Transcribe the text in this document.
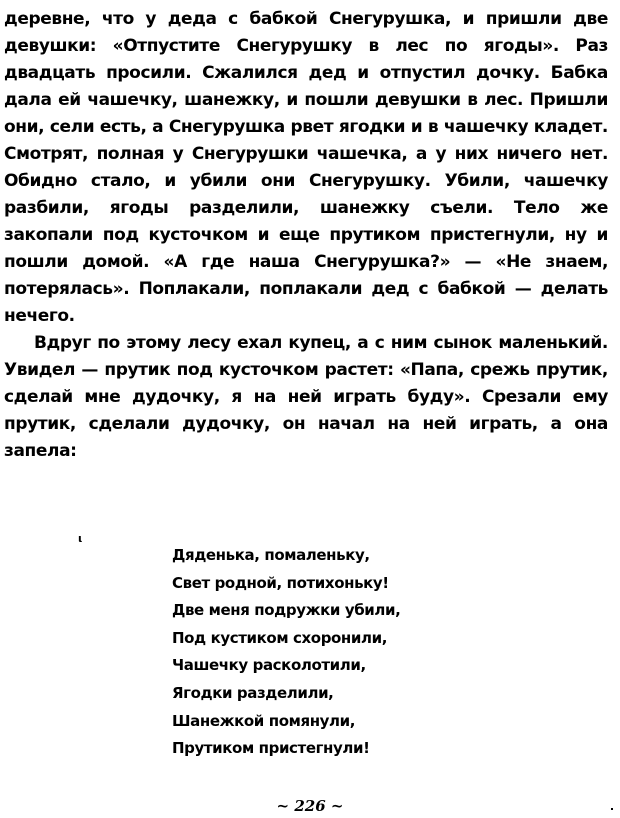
деревне, что у деда с бабкой Снегурушка, и пришли две девушки: «Отпустите Снегурушку в лес по ягоды». Раз двадцать просили. Сжалился дед и отпустил дочку. Бабка дала ей чашечку, шанежку, и пошли девушки в лес. Пришли они, сели есть, а Снегурушка рвет ягодки и в чашечку кладет. Смотрят, полная у Снегурушки чашечка, а у них ничего нет. Обидно стало, и убили они Снегурушку. Убили, чашечку разбили, ягоды разделили, шанежку съели. Тело же закопали под кусточком и еще прутиком пристегнули, ну и пошли домой. «А где наша Снегурушка?» — «Не знаем, потерялась». Поплакали, поплакали дед с бабкой — делать нечего.

Вдруг по этому лесу ехал купец, а с ним сынок маленький. Увидел — прутик под кусточком растет: «Папа, срежь прутик, сделай мне дудочку, я на ней играть буду». Срезали ему прутик, сделали дудочку, он начал на ней играть, а она запела:

ι
Дяденька, помаленьку,
Свет родной, потихоньку!
Две меня подружки убили,
Под кустиком схоронили,
Чашечку расколотили,
Ягодки разделили,
Шанежкой помянули,
Прутиком пристегнули!
~ 226 ~
